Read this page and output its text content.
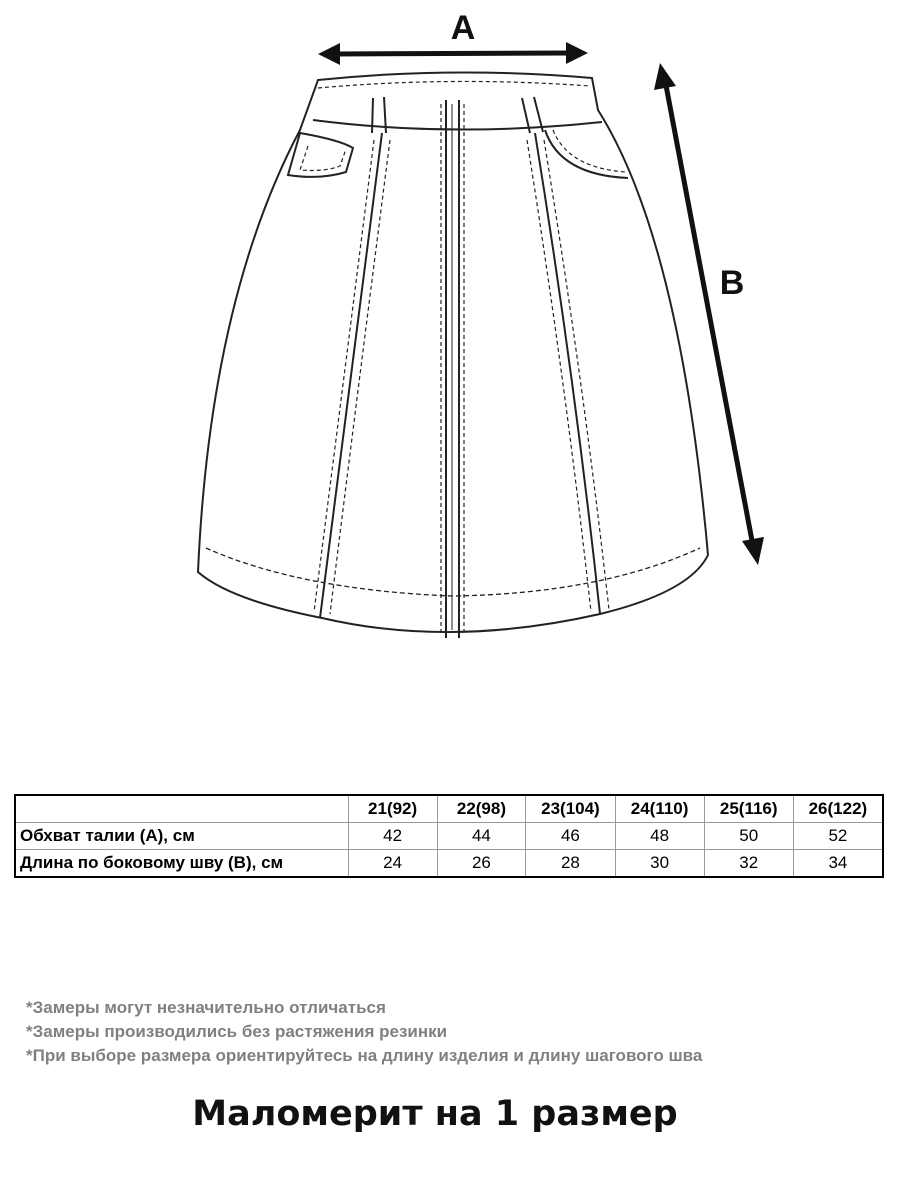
A
B
	21(92)	22(98)	23(104)	24(110)	25(116)	26(122)
Обхват талии (А), см	42	44	46	48	50	52
Длина по боковому шву (В), см	24	26	28	30	32	34
*Замеры могут незначительно отличаться
*Замеры производились без растяжения резинки
*При выборе размера ориентируйтесь на длину изделия и длину шагового шва
Маломерит на 1 размер
